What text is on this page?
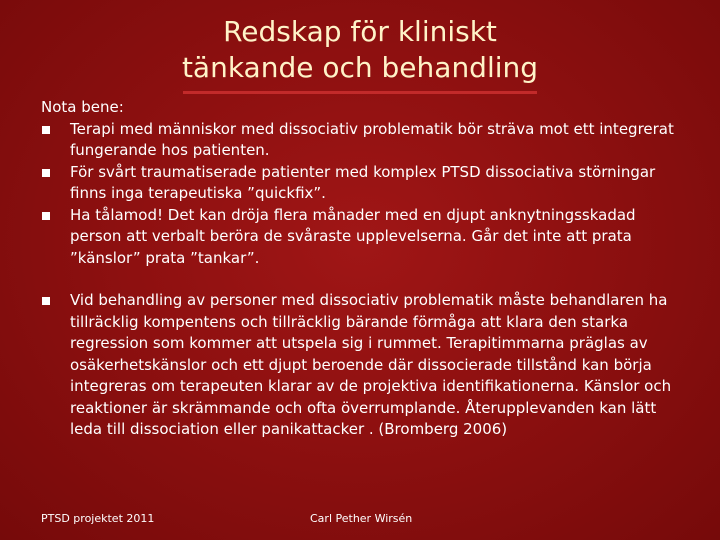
Redskap för kliniskt
tänkande och behandling

Nota bene:

Terapi med människor med dissociativ problematik bör sträva mot ett integrerat fungerande hos patienten.
För svårt traumatiserade patienter med komplex PTSD dissociativa störningar finns inga terapeutiska ”quickfix”.
Ha tålamod! Det kan dröja flera månader med en djupt anknytningsskadad person att verbalt beröra de svåraste upplevelserna. Går det inte att prata ”känslor” prata ”tankar”.
Vid behandling av personer med dissociativ problematik måste behandlaren ha tillräcklig kompentens och tillräcklig bärande förmåga att klara den starka regression som kommer att utspela sig i rummet. Terapitimmarna präglas av osäkerhetskänslor och ett djupt beroende där dissocierade tillstånd kan börja integreras om terapeuten klarar av de projektiva identifikationerna. Känslor och reaktioner är skrämmande och ofta överrumplande. Återupplevanden kan lätt leda till dissociation eller panikattacker . (Bromberg 2006)
PTSD projektet 2011	Carl Pether Wirsén
